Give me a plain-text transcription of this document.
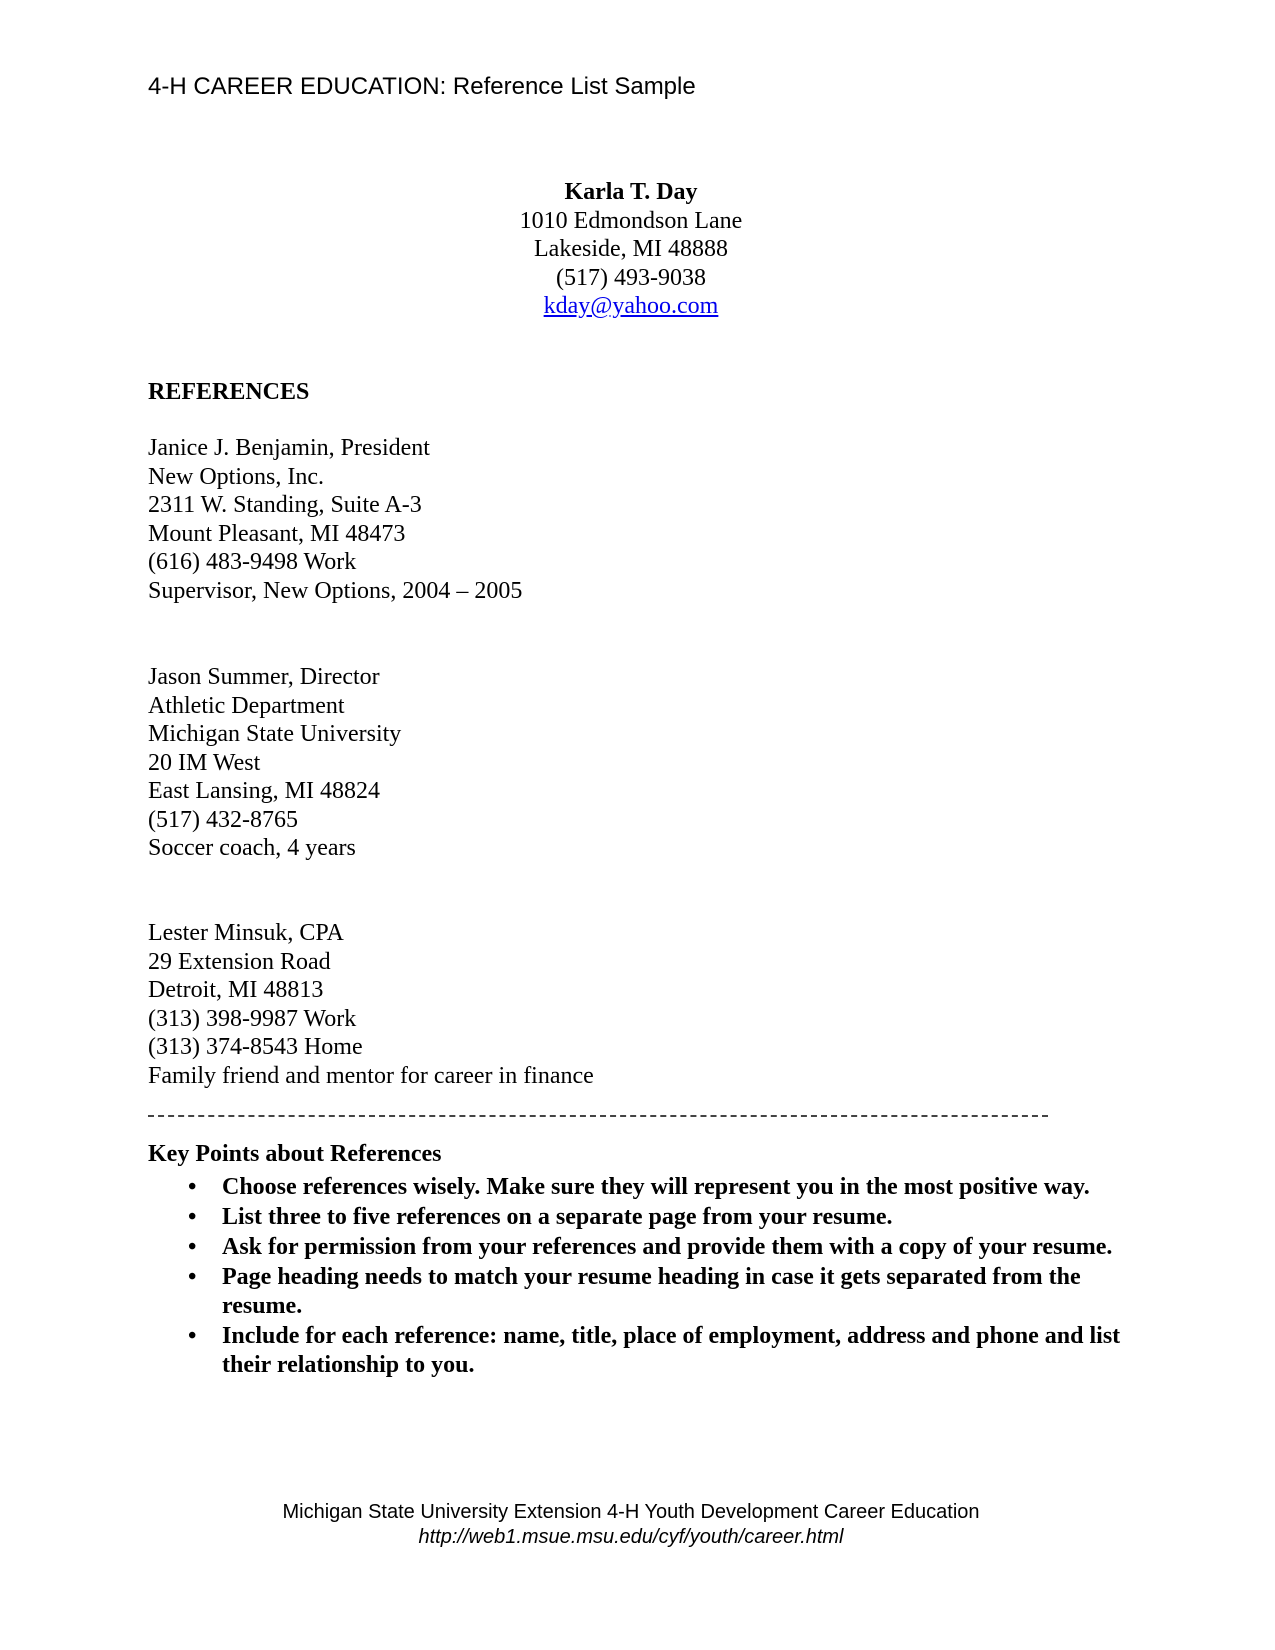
4-H CAREER EDUCATION: Reference List Sample
Karla T. Day
1010 Edmondson Lane
Lakeside, MI 48888
(517) 493-9038
kday@yahoo.com
REFERENCES
Janice J. Benjamin, President
New Options, Inc.
2311 W. Standing, Suite A-3
Mount Pleasant, MI 48473
(616) 483-9498 Work
Supervisor, New Options, 2004 – 2005
Jason Summer, Director
Athletic Department
Michigan State University
20 IM West
East Lansing, MI 48824
(517) 432-8765
Soccer coach, 4 years
Lester Minsuk, CPA
29 Extension Road
Detroit, MI 48813
(313) 398-9987 Work
(313) 374-8543 Home
Family friend and mentor for career in finance
Key Points about References
• Choose references wisely. Make sure they will represent you in the most positive way.
• List three to five references on a separate page from your resume.
• Ask for permission from your references and provide them with a copy of your resume.
• Page heading needs to match your resume heading in case it gets separated from the resume.
• Include for each reference: name, title, place of employment, address and phone and list their relationship to you.
Michigan State University Extension 4-H Youth Development Career Education
http://web1.msue.msu.edu/cyf/youth/career.html
